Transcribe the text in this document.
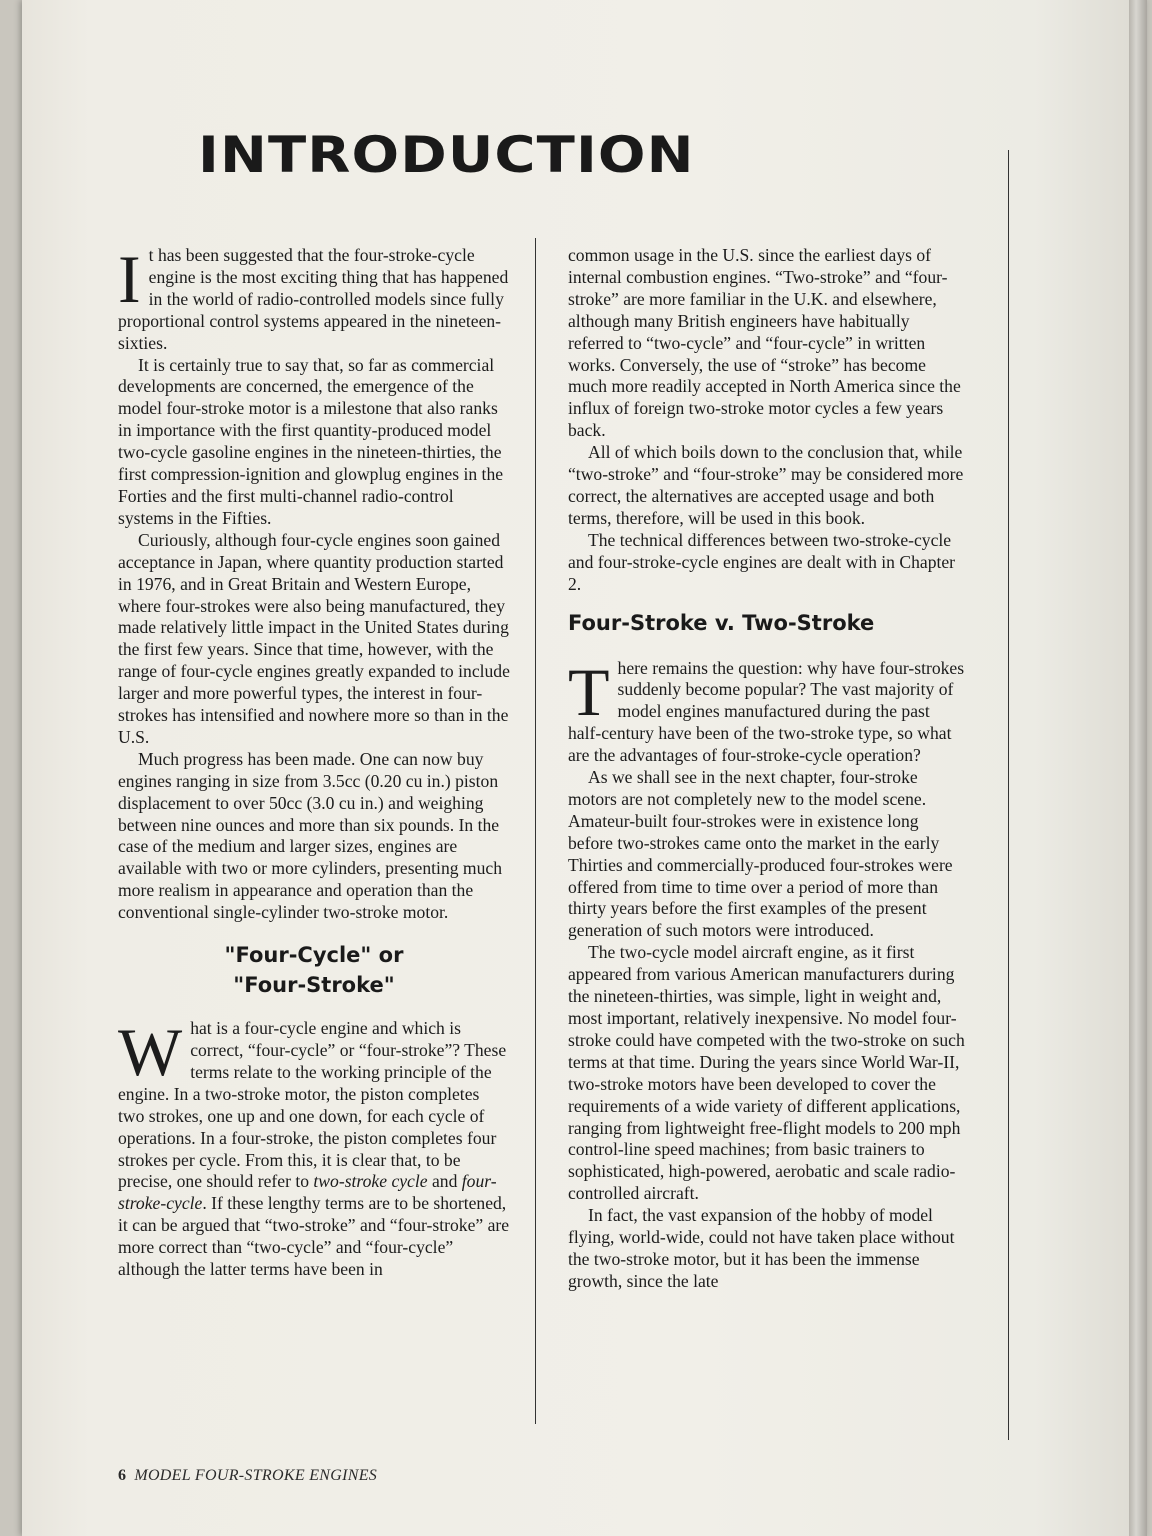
INTRODUCTION

It has been suggested that the four-stroke-cycle engine is the most exciting thing that has happened in the world of radio-controlled models since fully proportional control systems appeared in the nineteen-sixties.

It is certainly true to say that, so far as commercial developments are concerned, the emergence of the model four-stroke motor is a milestone that also ranks in importance with the first quantity-produced model two-cycle gasoline engines in the nineteen-thirties, the first compression-ignition and glowplug engines in the Forties and the first multi-channel radio-control systems in the Fifties.

Curiously, although four-cycle engines soon gained acceptance in Japan, where quantity production started in 1976, and in Great Britain and Western Europe, where four-strokes were also being manufactured, they made relatively little impact in the United States during the first few years. Since that time, however, with the range of four-cycle engines greatly expanded to include larger and more powerful types, the interest in four-strokes has intensified and nowhere more so than in the U.S.

Much progress has been made. One can now buy engines ranging in size from 3.5cc (0.20 cu in.) piston displacement to over 50cc (3.0 cu in.) and weighing between nine ounces and more than six pounds. In the case of the medium and larger sizes, engines are available with two or more cylinders, presenting much more realism in appearance and operation than the conventional single-cylinder two-stroke motor.

"Four-Cycle" or
"Four-Stroke"

What is a four-cycle engine and which is correct, “four-cycle” or “four-stroke”? These terms relate to the working principle of the engine. In a two-stroke motor, the piston completes two strokes, one up and one down, for each cycle of operations. In a four-stroke, the piston completes four strokes per cycle. From this, it is clear that, to be precise, one should refer to two-stroke cycle and four-stroke-cycle. If these lengthy terms are to be shortened, it can be argued that “two-stroke” and “four-stroke” are more correct than “two-cycle” and “four-cycle” although the latter terms have been in

common usage in the U.S. since the earliest days of internal combustion engines. “Two-stroke” and “four-stroke” are more familiar in the U.K. and elsewhere, although many British engineers have habitually referred to “two-cycle” and “four-cycle” in written works. Conversely, the use of “stroke” has become much more readily accepted in North America since the influx of foreign two-stroke motor cycles a few years back.

All of which boils down to the conclusion that, while “two-stroke” and “four-stroke” may be considered more correct, the alternatives are accepted usage and both terms, therefore, will be used in this book.

The technical differences between two-stroke-cycle and four-stroke-cycle engines are dealt with in Chapter 2.

Four-Stroke v. Two-Stroke

There remains the question: why have four-strokes suddenly become popular? The vast majority of model engines manufactured during the past half-century have been of the two-stroke type, so what are the advantages of four-stroke-cycle operation?

As we shall see in the next chapter, four-stroke motors are not completely new to the model scene. Amateur-built four-strokes were in existence long before two-strokes came onto the market in the early Thirties and commercially-produced four-strokes were offered from time to time over a period of more than thirty years before the first examples of the present generation of such motors were introduced.

The two-cycle model aircraft engine, as it first appeared from various American manufacturers during the nineteen-thirties, was simple, light in weight and, most important, relatively inexpensive. No model four-stroke could have competed with the two-stroke on such terms at that time. During the years since World War-II, two-stroke motors have been developed to cover the requirements of a wide variety of different applications, ranging from lightweight free-flight models to 200 mph control-line speed machines; from basic trainers to sophisticated, high-powered, aerobatic and scale radio-controlled aircraft.

In fact, the vast expansion of the hobby of model flying, world-wide, could not have taken place without the two-stroke motor, but it has been the immense growth, since the late

6 MODEL FOUR-STROKE ENGINES
